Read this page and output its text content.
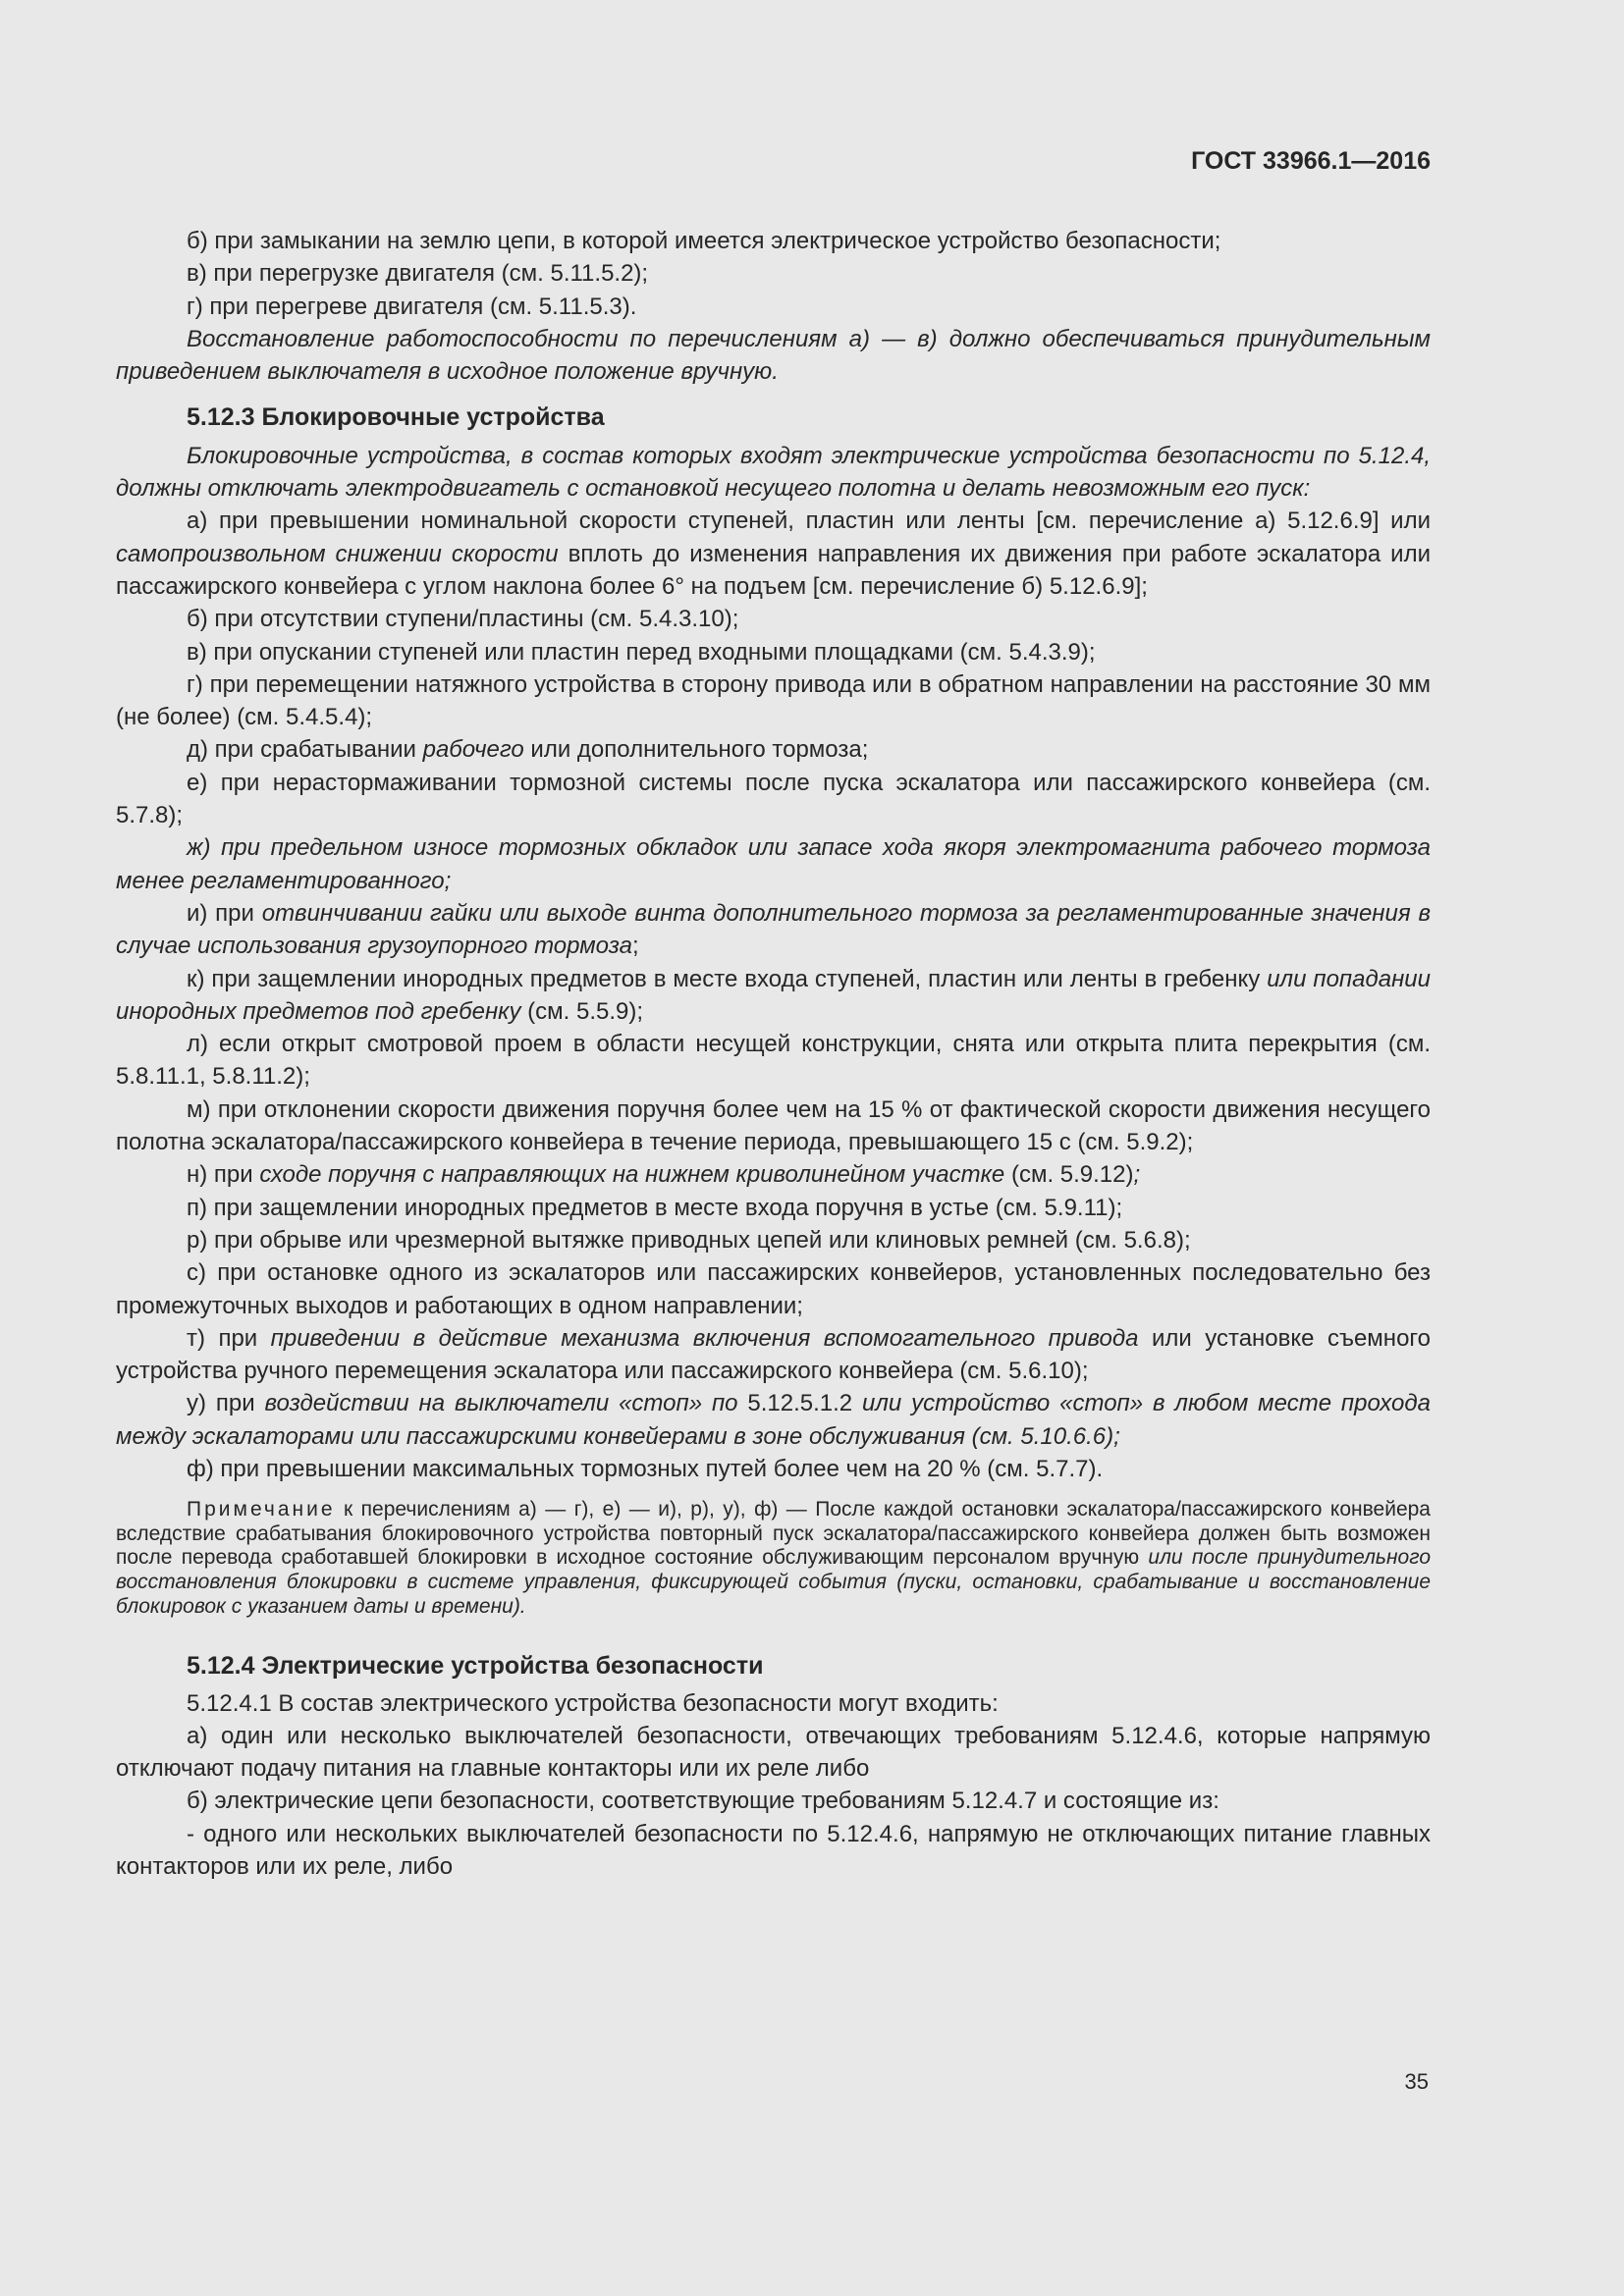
ГОСТ 33966.1—2016

б) при замыкании на землю цепи, в которой имеется электрическое устройство безопасности;

в) при перегрузке двигателя (см. 5.11.5.2);

г) при перегреве двигателя (см. 5.11.5.3).

Восстановление работоспособности по перечислениям а) — в) должно обеспечиваться принудительным приведением выключателя в исходное положение вручную.

5.12.3 Блокировочные устройства

Блокировочные устройства, в состав которых входят электрические устройства безопасности по 5.12.4, должны отключать электродвигатель с остановкой несущего полотна и делать невозможным его пуск:

а) при превышении номинальной скорости ступеней, пластин или ленты [см. перечисление а) 5.12.6.9] или самопроизвольном снижении скорости вплоть до изменения направления их движения при работе эскалатора или пассажирского конвейера с углом наклона более 6° на подъем [см. перечисление б) 5.12.6.9];

б) при отсутствии ступени/пластины (см. 5.4.3.10);

в) при опускании ступеней или пластин перед входными площадками (см. 5.4.3.9);

г) при перемещении натяжного устройства в сторону привода или в обратном направлении на расстояние 30 мм (не более) (см. 5.4.5.4);

д) при срабатывании рабочего или дополнительного тормоза;

е) при нерастормаживании тормозной системы после пуска эскалатора или пассажирского конвейера (см. 5.7.8);

ж) при предельном износе тормозных обкладок или запасе хода якоря электромагнита рабочего тормоза менее регламентированного;

и) при отвинчивании гайки или выходе винта дополнительного тормоза за регламентированные значения в случае использования грузоупорного тормоза;

к) при защемлении инородных предметов в месте входа ступеней, пластин или ленты в гребенку или попадании инородных предметов под гребенку (см. 5.5.9);

л) если открыт смотровой проем в области несущей конструкции, снята или открыта плита перекрытия (см. 5.8.11.1, 5.8.11.2);

м) при отклонении скорости движения поручня более чем на 15 % от фактической скорости движения несущего полотна эскалатора/пассажирского конвейера в течение периода, превышающего 15 с (см. 5.9.2);

н) при сходе поручня с направляющих на нижнем криволинейном участке (см. 5.9.12);

п) при защемлении инородных предметов в месте входа поручня в устье (см. 5.9.11);

р) при обрыве или чрезмерной вытяжке приводных цепей или клиновых ремней (см. 5.6.8);

с) при остановке одного из эскалаторов или пассажирских конвейеров, установленных последовательно без промежуточных выходов и работающих в одном направлении;

т) при приведении в действие механизма включения вспомогательного привода или установке съемного устройства ручного перемещения эскалатора или пассажирского конвейера (см. 5.6.10);

у) при воздействии на выключатели «стоп» по 5.12.5.1.2 или устройство «стоп» в любом месте прохода между эскалаторами или пассажирскими конвейерами в зоне обслуживания (см. 5.10.6.6);

ф) при превышении максимальных тормозных путей более чем на 20 % (см. 5.7.7).

Примечание к перечислениям а) — г), е) — и), р), у), ф) — После каждой остановки эскалатора/пассажирского конвейера вследствие срабатывания блокировочного устройства повторный пуск эскалатора/пассажирского конвейера должен быть возможен после перевода сработавшей блокировки в исходное состояние обслуживающим персоналом вручную или после принудительного восстановления блокировки в системе управления, фиксирующей события (пуски, остановки, срабатывание и восстановление блокировок с указанием даты и времени).

5.12.4 Электрические устройства безопасности

5.12.4.1 В состав электрического устройства безопасности могут входить:

а) один или несколько выключателей безопасности, отвечающих требованиям 5.12.4.6, которые напрямую отключают подачу питания на главные контакторы или их реле либо

б) электрические цепи безопасности, соответствующие требованиям 5.12.4.7 и состоящие из:

- одного или нескольких выключателей безопасности по 5.12.4.6, напрямую не отключающих питание главных контакторов или их реле, либо

35
